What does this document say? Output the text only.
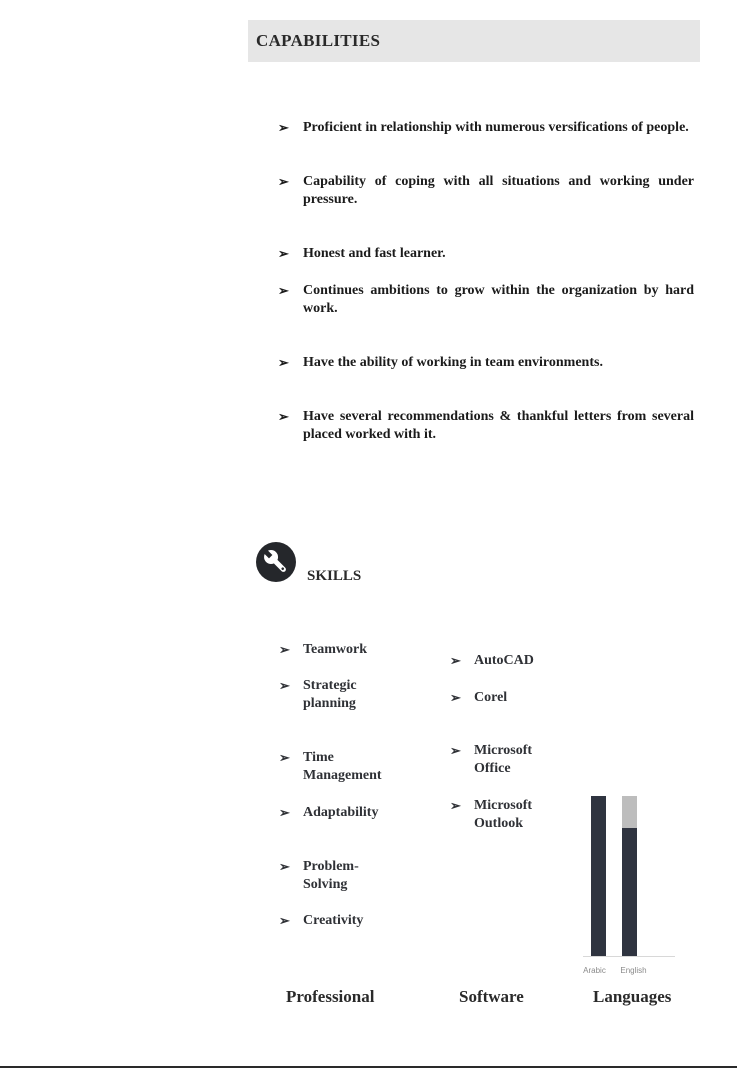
CAPABILITIES
➢	Proficient in relationship with numerous versifications of people.
➢	Capability of coping with all situations and working under pressure.
➢	Honest and fast learner.
➢	Continues ambitions to grow within the organization by hard work.
➢	Have the ability of working in team environments.
➢	Have several recommendations & thankful letters from several placed worked with it.
SKILLS
➢ Teamwork
➢ Strategic planning
➢ Time Management
➢ Adaptability
➢ Problem-Solving
➢ Creativity
➢ AutoCAD
➢ Corel
➢ Microsoft Office
➢ Microsoft Outlook
Arabic English
Professional	Software	Languages
